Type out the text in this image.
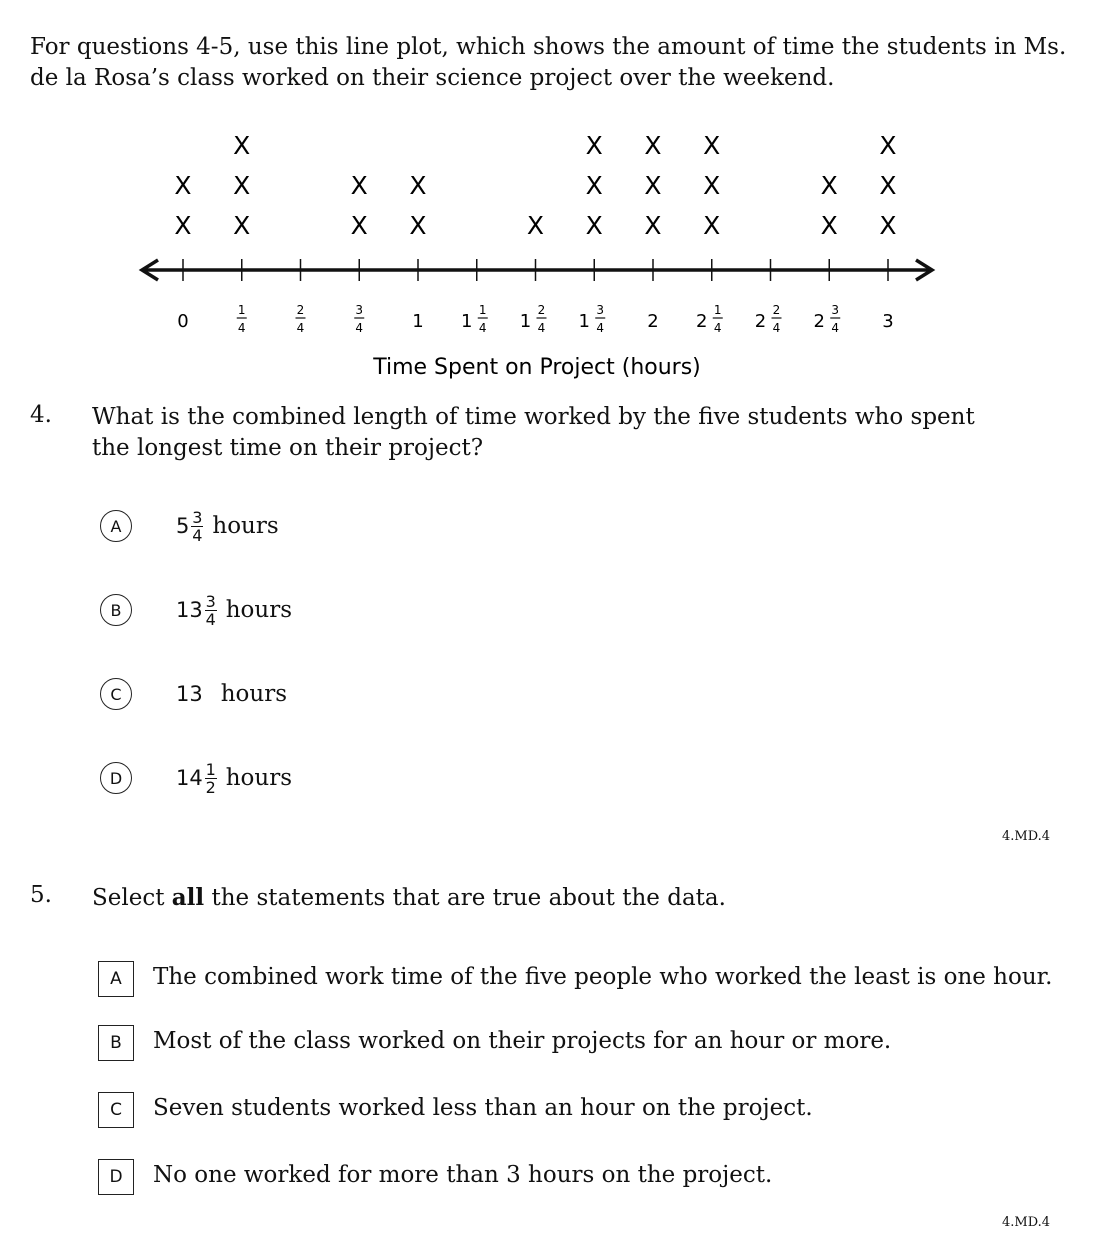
For questions 4-5, use this line plot, which shows the amount of time the students in Ms. de la Rosa’s class worked on their science project over the weekend.
0
X
X
1
4
X
X
X
2
4
3
4
X
X
1
X
X
1
1
4 1
2
4
X
1
3
4
X
X
X
2
X
X
X
2
1
4
X
X
X
2
2
4 2
3
4
X
X
3
X
X
X
Time Spent on Project (hours)
4. What is the combined length of time worked by the five students who spent the longest time on their project?
A	$5 \frac{3}{4}$ hours
B	$13 \frac{3}{4}$ hours
C	13 hours
D	$14 \frac{1}{2}$ hours
4.MD.4
5. Select all the statements that are true about the data.
A	The combined work time of the five people who worked the least is one hour.
B	Most of the class worked on their projects for an hour or more.
C	Seven students worked less than an hour on the project.
D	No one worked for more than 3 hours on the project.
4.MD.4
